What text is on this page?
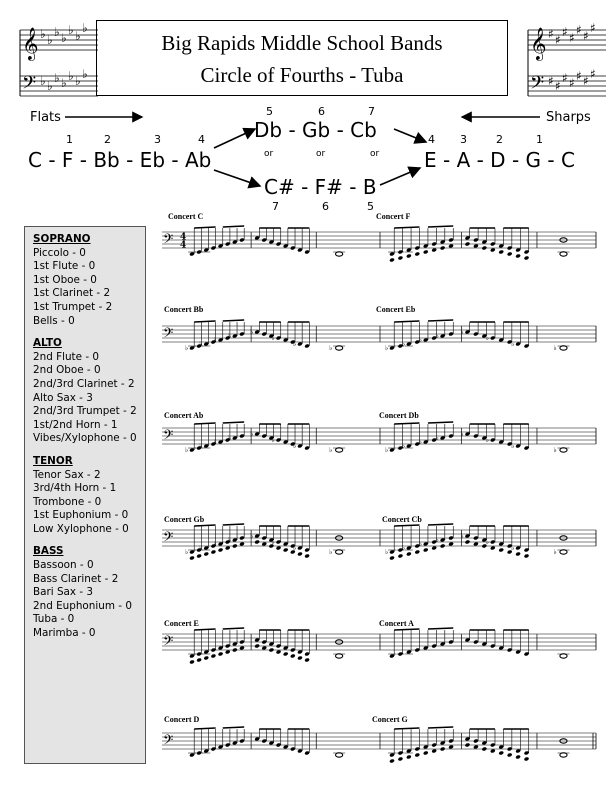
𝄞
𝄢
♭
♭
♭
♭
♭
♭
♭
♭
♭
♭
♭
♭
♭
♭
𝄞
𝄢
♯
♯
♯
♯
♯
♯
♯
♯
♯
♯
♯
♯
♯
♯
Big Rapids Middle School Bands
Circle of Fourths - Tuba
Flats	Sharps
1	2	3	4
C - F - Bb - Eb - Ab
5	6	7
Db - Gb - Cb
or	or	or
C# - F# - B
7	6	5
4 3	2	1
E - A - D - G - C
SOPRANO
Piccolo - 0
1st Flute - 0
1st Oboe - 0
1st Clarinet - 2
1st Trumpet - 2
Bells - 0
ALTO
2nd Flute - 0
2nd Oboe - 0
2nd/3rd Clarinet - 2
Alto Sax - 3
2nd/3rd Trumpet - 2
1st/2nd Horn - 1
Vibes/Xylophone - 0
TENOR
Tenor Sax - 2
3rd/4th Horn - 1
Trombone - 0
1st Euphonium - 0
Low Xylophone - 0
BASS
Bassoon - 0
Bass Clarinet - 2
Bari Sax - 3
2nd Euphonium - 0
Tuba - 0
Marimba - 0
Concert C	Concert F
Concert Bb	Concert Eb
Concert Ab	Concert Db
Concert Gb	Concert Cb
Concert E	Concert A
Concert D	Concert G
𝄢 4
4
𝄢
♭ ♭ ♭ ♭	♭
♭
♭	♭	♭ ♭ ♭ ♭	♭
♭
♭	♭
𝄢
♭ ♭ ♭ ♭	♭
♭
♭	♭	♭ ♭ ♭ ♭	♭
♭
♭	♭
𝄢
♭ ♭ ♭ ♭	♭
♭
♭	♭	♭ ♭ ♭ ♭	♭
♭
♭	♭
𝄢
𝄢
